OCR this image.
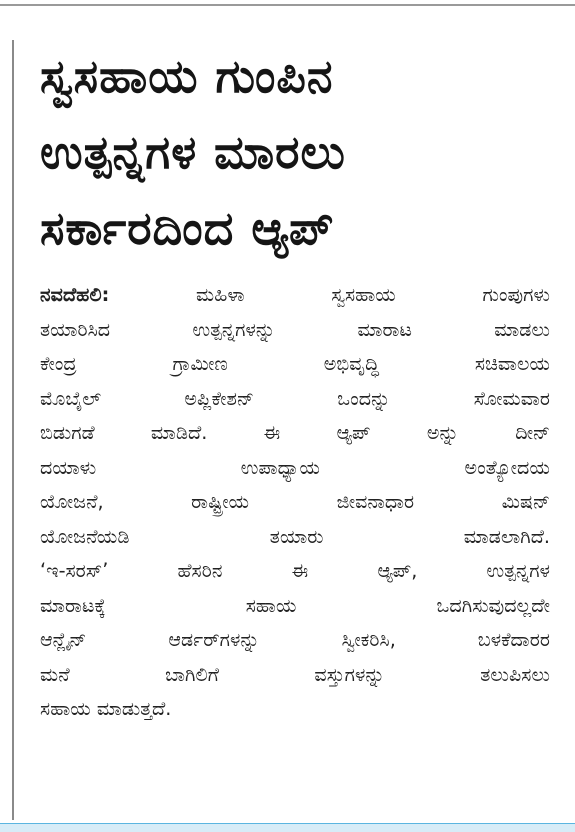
ಸ್ವಸಹಾಯ ಗುಂಪಿನ
ಉತ್ಪನ್ನಗಳ ಮಾರಲು
ಸರ್ಕಾರದಿಂದ ಆ್ಯಪ್
ನವದೆಹಲಿ:	ಮಹಿಳಾ ಸ್ವಸಹಾಯ ಗುಂಪುಗಳು
ತಯಾರಿಸಿದ ಉತ್ಪನ್ನಗಳನ್ನು ಮಾರಾಟ ಮಾಡಲು
ಕೇಂದ್ರ ಗ್ರಾಮೀಣ ಅಭಿವೃದ್ಧಿ ಸಚಿವಾಲಯ
ಮೊಬೈಲ್ ಅಪ್ಲಿಕೇಶನ್ ಒಂದನ್ನು ಸೋಮವಾರ
ಬಿಡುಗಡೆ ಮಾಡಿದೆ. ಈ ಆ್ಯಪ್ ಅನ್ನು ದೀನ್
ದಯಾಳು ಉಪಾಧ್ಯಾಯ ಅಂತ್ಯೋದಯ
ಯೋಜನೆ, ರಾಷ್ಟ್ರೀಯ ಜೀವನಾಧಾರ ಮಿಷನ್
ಯೋಜನೆಯಡಿ ತಯಾರು ಮಾಡಲಾಗಿದೆ.
‘ಇ-ಸರಸ್’ ಹೆಸರಿನ ಈ ಆ್ಯಪ್, ಉತ್ಪನ್ನಗಳ
ಮಾರಾಟಕ್ಕೆ ಸಹಾಯ ಒದಗಿಸುವುದಲ್ಲದೇ
ಆನ್ಲೈನ್ ಆರ್ಡರ್‌ಗಳನ್ನು ಸ್ವೀಕರಿಸಿ, ಬಳಕೆದಾರರ
ಮನೆ ಬಾಗಿಲಿಗೆ ವಸ್ತುಗಳನ್ನು ತಲುಪಿಸಲು
ಸಹಾಯ ಮಾಡುತ್ತದೆ.
